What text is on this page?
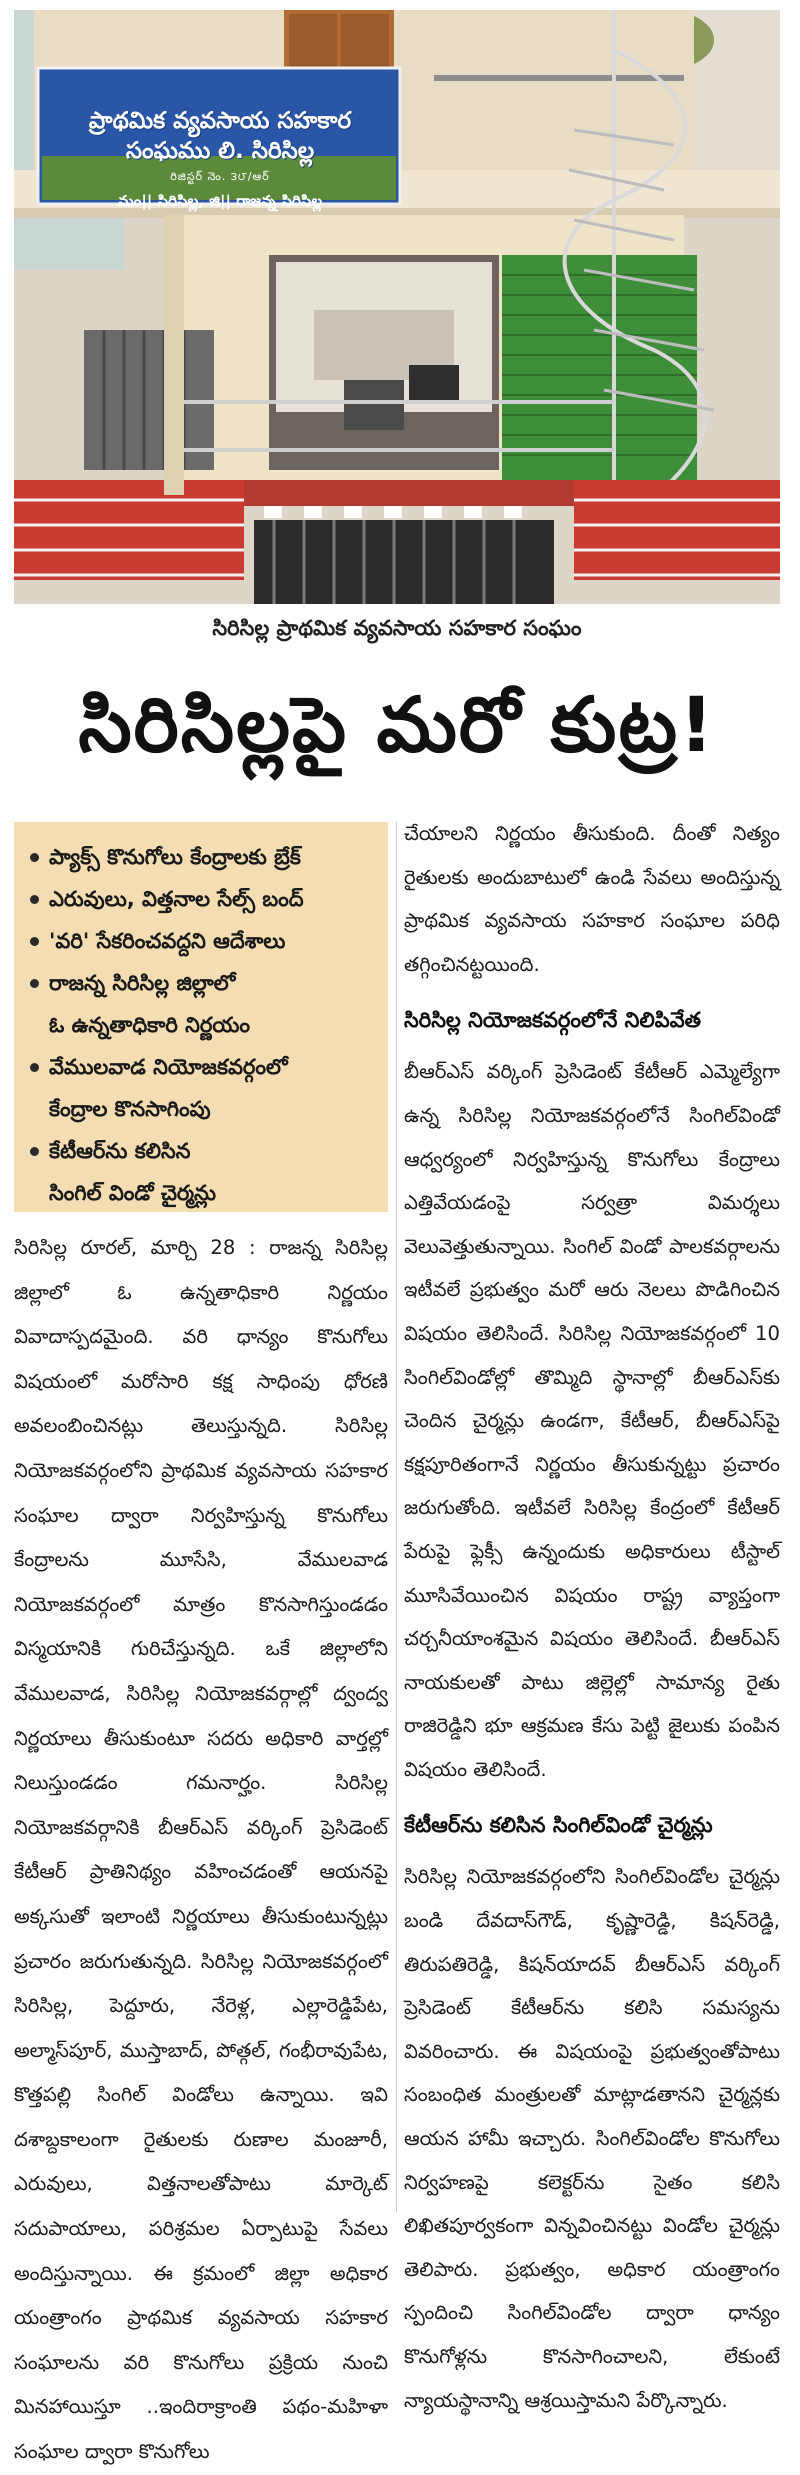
ప్రాథమిక వ్యవసాయ సహకార సంఘము లి. సిరిసిల్ల
రిజిస్టర్ నెం. ౩౮/ఆర్
మం|| సిరిసిల్ల, జి|| రాజన్న సిరిసిల్ల
సిరిసిల్ల ప్రాథమిక వ్యవసాయ సహకార సంఘం
సిరిసిల్లపై మరో కుట్ర!
ప్యాక్స్ కొనుగోలు కేంద్రాలకు బ్రేక్
ఎరువులు, విత్తనాల సేల్స్ బంద్
'వరి' సేకరించవద్దని ఆదేశాలు
రాజన్న సిరిసిల్ల జిల్లాలో
ఓ ఉన్నతాధికారి నిర్ణయం
వేములవాడ నియోజకవర్గంలో
కేంద్రాల కొనసాగింపు
కేటీఆర్‌ను కలిసిన
సింగిల్ విండో చైర్మన్లు
సిరిసిల్ల రూరల్, మార్చి 28 : రాజన్న సిరిసిల్ల జిల్లాలో ఓ ఉన్నతాధికారి నిర్ణయం వివాదాస్పదమైంది. వరి ధాన్యం కొనుగోలు విషయంలో మరోసారి కక్ష సాధింపు ధోరణి అవలంబించినట్లు తెలుస్తున్నది. సిరిసిల్ల నియోజకవర్గంలోని ప్రాథమిక వ్యవసాయ సహకార సంఘాల ద్వారా నిర్వహిస్తున్న కొనుగోలు కేంద్రాలను మూసేసి, వేములవాడ నియోజకవర్గంలో మాత్రం కొనసాగిస్తుండడం విస్మయానికి గురిచేస్తున్నది. ఒకే జిల్లాలోని వేములవాడ, సిరిసిల్ల నియోజకవర్గాల్లో ద్వంద్వ నిర్ణయాలు తీసుకుంటూ సదరు అధికారి వార్తల్లో నిలుస్తుండడం గమనార్హం. సిరిసిల్ల నియోజకవర్గానికి బీఆర్ఎస్ వర్కింగ్ ప్రెసిడెంట్ కేటీఆర్ ప్రాతినిథ్యం వహించడంతో ఆయనపై అక్కసుతో ఇలాంటి నిర్ణయాలు తీసుకుంటున్నట్లు ప్రచారం జరుగుతున్నది. సిరిసిల్ల నియోజకవర్గంలో సిరిసిల్ల, పెద్దూరు, నేరెళ్ల, ఎల్లారెడ్డిపేట, అల్మాస్‌పూర్, ముస్తాబాద్, పోత్గల్, గంభీరావుపేట, కొత్తపల్లి సింగిల్ విండోలు ఉన్నాయి. ఇవి దశాబ్దకాలంగా రైతులకు రుణాల మంజూరీ, ఎరువులు, విత్తనాలతోపాటు మార్కెట్ సదుపాయాలు, పరిశ్రమల ఏర్పాటుపై సేవలు అందిస్తున్నాయి. ఈ క్రమంలో జిల్లా అధికార యంత్రాంగం ప్రాథమిక వ్యవసాయ సహకార సంఘాలను వరి కొనుగోలు ప్రక్రియ నుంచి మినహాయిస్తూ ..ఇందిరాక్రాంతి పథం-మహిళా సంఘాల ద్వారా కొనుగోలు

చేయాలని నిర్ణయం తీసుకుంది. దీంతో నిత్యం రైతులకు అందుబాటులో ఉండి సేవలు అందిస్తున్న ప్రాథమిక వ్యవసాయ సహకార సంఘాల పరిధి తగ్గించినట్టయింది.

సిరిసిల్ల నియోజకవర్గంలోనే నిలిపివేత

బీఆర్ఎస్ వర్కింగ్ ప్రెసిడెంట్ కేటీఆర్ ఎమ్మెల్యేగా ఉన్న సిరిసిల్ల నియోజకవర్గంలోనే సింగిల్‌విండో ఆధ్వర్యంలో నిర్వహిస్తున్న కొనుగోలు కేంద్రాలు ఎత్తివేయడంపై సర్వత్రా విమర్శలు వెలువెత్తుతున్నాయి. సింగిల్ విండో పాలకవర్గాలను ఇటీవలే ప్రభుత్వం మరో ఆరు నెలలు పొడిగించిన విషయం తెలిసిందే. సిరిసిల్ల నియోజకవర్గంలో 10 సింగిల్‌విండోల్లో తొమ్మిది స్థానాల్లో బీఆర్ఎస్‌కు చెందిన చైర్మన్లు ఉండగా, కేటీఆర్, బీఆర్ఎస్‌పై కక్షపూరితంగానే నిర్ణయం తీసుకున్నట్టు ప్రచారం జరుగుతోంది. ఇటీవలే సిరిసిల్ల కేంద్రంలో కేటీఆర్ పేరుపై ఫ్లెక్సీ ఉన్నందుకు అధికారులు టీస్టాల్ మూసివేయించిన విషయం రాష్ట్ర వ్యాప్తంగా చర్చనీయాంశమైన విషయం తెలిసిందే. బీఆర్ఎస్ నాయకులతో పాటు జిల్లెల్లో సామాన్య రైతు రాజిరెడ్డిని భూ ఆక్రమణ కేసు పెట్టి జైలుకు పంపిన విషయం తెలిసిందే.

కేటీఆర్‌ను కలిసిన సింగిల్‌విండో చైర్మన్లు

సిరిసిల్ల నియోజకవర్గంలోని సింగిల్‌విండోల చైర్మన్లు బండి దేవదాస్‌గౌడ్, కృష్ణారెడ్డి, కిషన్‌రెడ్డి, తిరుపతిరెడ్డి, కిషన్‌యాదవ్ బీఆర్ఎస్ వర్కింగ్ ప్రెసిడెంట్ కేటీఆర్‌ను కలిసి సమస్యను వివరించారు. ఈ విషయంపై ప్రభుత్వంతోపాటు సంబంధిత మంత్రులతో మాట్లాడతానని చైర్మన్లకు ఆయన హామీ ఇచ్చారు. సింగిల్‌విండోల కొనుగోలు నిర్వహణపై కలెక్టర్‌ను సైతం కలిసి లిఖితపూర్వకంగా విన్నవించినట్టు విండోల చైర్మన్లు తెలిపారు. ప్రభుత్వం, అధికార యంత్రాంగం స్పందించి సింగిల్‌విండోల ద్వారా ధాన్యం కొనుగోళ్లను కొనసాగించాలని, లేకుంటే న్యాయస్థానాన్ని ఆశ్రయిస్తామని పేర్కొన్నారు.
